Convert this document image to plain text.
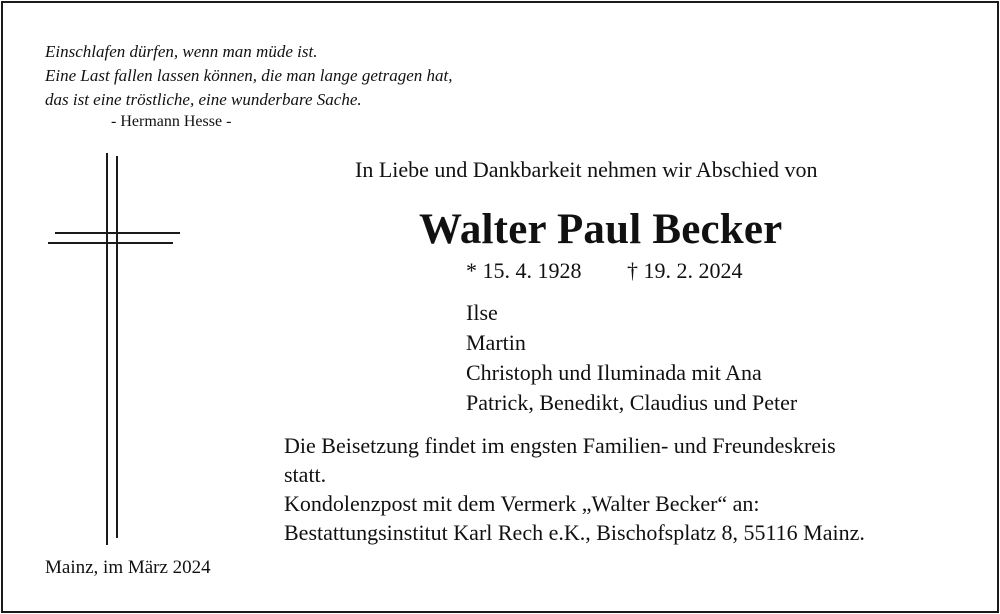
Einschlafen dürfen, wenn man müde ist.
Eine Last fallen lassen können, die man lange getragen hat,
das ist eine tröstliche, eine wunderbare Sache.
- Hermann Hesse -
In Liebe und Dankbarkeit nehmen wir Abschied von
Walter Paul Becker
* 15. 4. 1928 † 19. 2. 2024
Ilse
Martin
Christoph und Iluminada mit Ana
Patrick, Benedikt, Claudius und Peter
Die Beisetzung findet im engsten Familien- und Freundeskreis
statt.
Kondolenzpost mit dem Vermerk „Walter Becker“ an:
Bestattungsinstitut Karl Rech e.K., Bischofsplatz 8, 55116 Mainz.
Mainz, im März 2024
